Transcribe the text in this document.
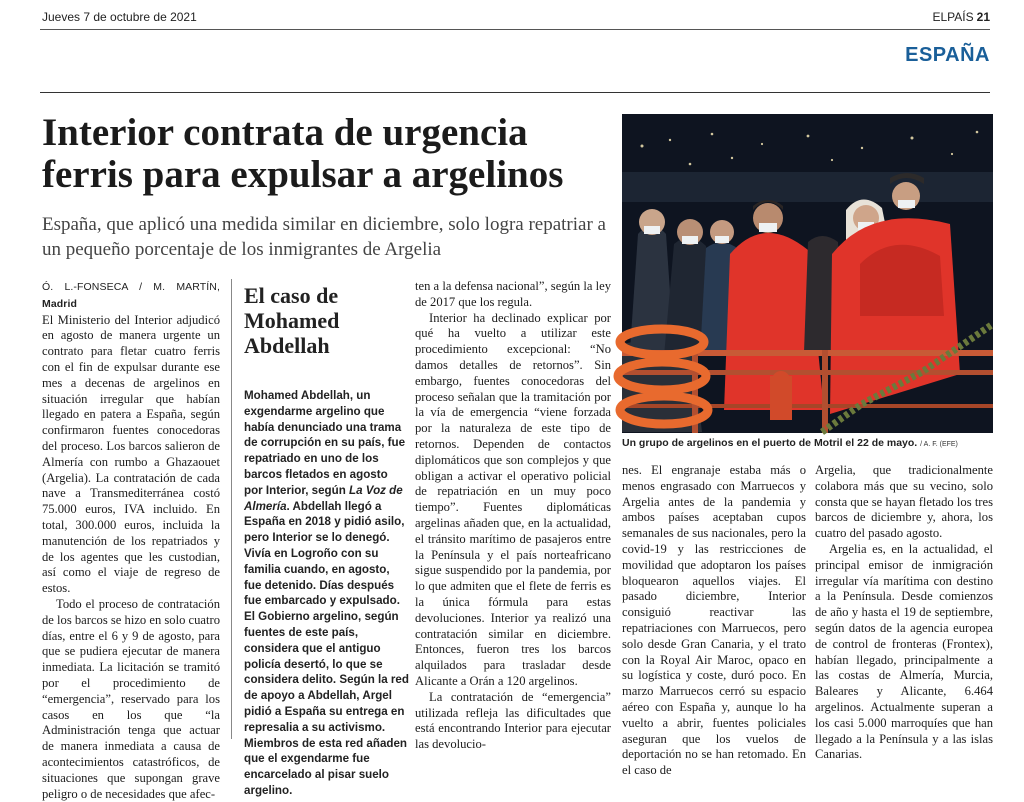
Jueves 7 de octubre de 2021	ELPAÍS 21
ESPAÑA
Interior contrata de urgencia ferris para expulsar a argelinos

España, que aplicó una medida similar en diciembre, solo logra repatriar a un pequeño porcentaje de los inmigrantes de Argelia

Ó. L.-FONSECA / M. MARTÍN, Madrid

El Ministerio del Interior adjudicó en agosto de manera urgente un contrato para fletar cuatro ferris con el fin de expulsar durante ese mes a decenas de argelinos en situación irregular que habían llegado en patera a España, según confirmaron fuentes conocedoras del proceso. Los barcos salieron de Almería con rumbo a Ghazaouet (Argelia). La contratación de cada nave a Transmediterránea costó 75.000 euros, IVA incluido. En total, 300.000 euros, incluida la manutención de los repatriados y de los agentes que les custodian, así como el viaje de regreso de estos.

Todo el proceso de contratación de los barcos se hizo en solo cuatro días, entre el 6 y 9 de agosto, para que se pudiera ejecutar de manera inmediata. La licitación se tramitó por el procedimiento de “emergencia”, reservado para los casos en los que “la Administración tenga que actuar de manera inmediata a causa de acontecimientos catastróficos, de situaciones que supongan grave peligro o de necesidades que afec-

El caso de Mohamed Abdellah

Mohamed Abdellah, un exgendarme argelino que había denunciado una trama de corrupción en su país, fue repatriado en uno de los barcos fletados en agosto por Interior, según La Voz de Almería. Abdellah llegó a España en 2018 y pidió asilo, pero Interior se lo denegó. Vivía en Logroño con su familia cuando, en agosto, fue detenido. Días después fue embarcado y expulsado. El Gobierno argelino, según fuentes de este país, considera que el antiguo policía desertó, lo que se considera delito. Según la red de apoyo a Abdellah, Argel pidió a España su entrega en represalia a su activismo. Miembros de esta red añaden que el exgendarme fue encarcelado al pisar suelo argelino.

ten a la defensa nacional”, según la ley de 2017 que los regula.

Interior ha declinado explicar por qué ha vuelto a utilizar este procedimiento excepcional: “No damos detalles de retornos”. Sin embargo, fuentes conocedoras del proceso señalan que la tramitación por la vía de emergencia “viene forzada por la naturaleza de este tipo de retornos. Dependen de contactos diplomáticos que son complejos y que obligan a activar el operativo policial de repatriación en un muy poco tiempo”. Fuentes diplomáticas argelinas añaden que, en la actualidad, el tránsito marítimo de pasajeros entre la Península y el país norteafricano sigue suspendido por la pandemia, por lo que admiten que el flete de ferris es la única fórmula para estas devoluciones. Interior ya realizó una contratación similar en diciembre. Entonces, fueron tres los barcos alquilados para trasladar desde Alicante a Orán a 120 argelinos.

La contratación de “emergencia” utilizada refleja las dificultades que está encontrando Interior para ejecutar las devolucio-

Un grupo de argelinos en el puerto de Motril el 22 de mayo. / A. F. (EFE)

nes. El engranaje estaba más o menos engrasado con Marruecos y Argelia antes de la pandemia y ambos países aceptaban cupos semanales de sus nacionales, pero la covid-19 y las restricciones de movilidad que adoptaron los países bloquearon aquellos viajes. El pasado diciembre, Interior consiguió reactivar las repatriaciones con Marruecos, pero solo desde Gran Canaria, y el trato con la Royal Air Maroc, opaco en su logística y coste, duró poco. En marzo Marruecos cerró su espacio aéreo con España y, aunque lo ha vuelto a abrir, fuentes policiales aseguran que los vuelos de deportación no se han retomado. En el caso de

Argelia, que tradicionalmente colabora más que su vecino, solo consta que se hayan fletado los tres barcos de diciembre y, ahora, los cuatro del pasado agosto.

Argelia es, en la actualidad, el principal emisor de inmigración irregular vía marítima con destino a la Península. Desde comienzos de año y hasta el 19 de septiembre, según datos de la agencia europea de control de fronteras (Frontex), habían llegado, principalmente a las costas de Almería, Murcia, Baleares y Alicante, 6.464 argelinos. Actualmente superan a los casi 5.000 marroquíes que han llegado a la Península y a las islas Canarias.
